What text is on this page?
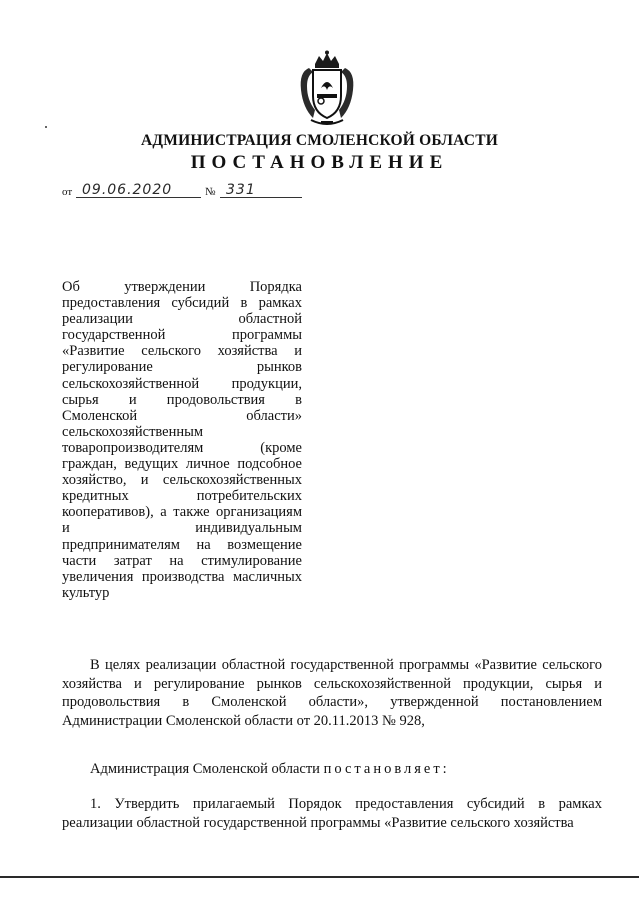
АДМИНИСТРАЦИЯ СМОЛЕНСКОЙ ОБЛАСТИ
ПОСТАНОВЛЕНИЕ
от 09.06.2020	№ 331
Об утверждении Порядка
предоставления субсидий в рамках
реализации областной
государственной программы
«Развитие сельского хозяйства и
регулирование рынков
сельскохозяйственной продукции,
сырья и продовольствия в
Смоленской области»
сельскохозяйственным
товаропроизводителям (кроме
граждан, ведущих личное подсобное
хозяйство, и сельскохозяйственных
кредитных потребительских
кооперативов), а также организациям
и индивидуальным
предпринимателям на возмещение
части затрат на стимулирование
увеличения производства масличных
культур
В целях реализации областной государственной программы «Развитие сельского хозяйства и регулирование рынков сельскохозяйственной продукции, сырья и продовольствия в Смоленской области», утвержденной постановлением Администрации Смоленской области от 20.11.2013 № 928,
Администрация Смоленской области постановляет:
1. Утвердить прилагаемый Порядок предоставления субсидий в рамках реализации областной государственной программы «Развитие сельского хозяйства
